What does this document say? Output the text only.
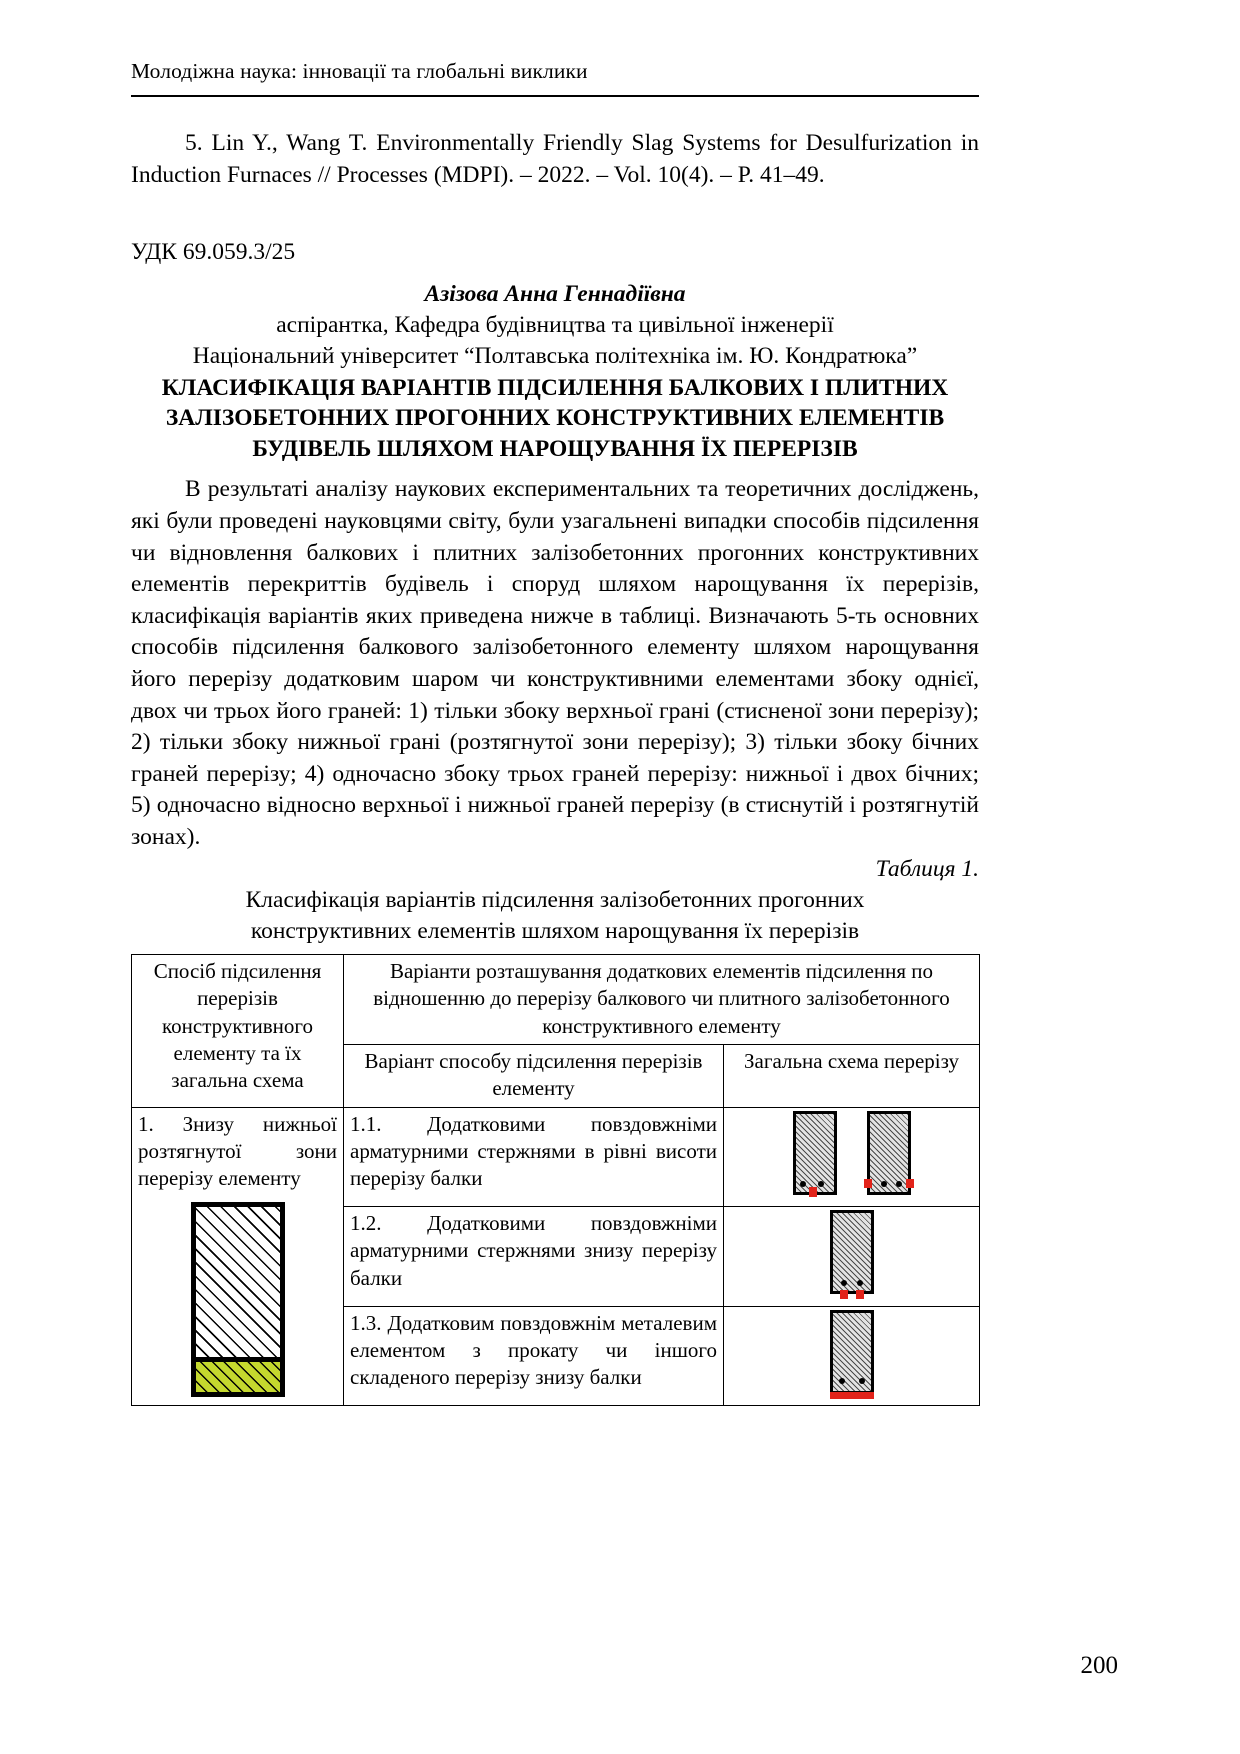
Молодіжна наука: інновації та глобальні виклики

5. Lin Y., Wang T. Environmentally Friendly Slag Systems for Desulfurization in Induction Furnaces // Processes (MDPI). – 2022. – Vol. 10(4). – P. 41–49.

УДК 69.059.3/25

Азізова Анна Геннадіївна

аспірантка, Кафедра будівництва та цивільної інженерії

Національний університет “Полтавська політехніка ім. Ю. Кондратюка”

КЛАСИФІКАЦІЯ ВАРІАНТІВ ПІДСИЛЕННЯ БАЛКОВИХ І ПЛИТНИХ ЗАЛІЗОБЕТОННИХ ПРОГОННИХ КОНСТРУКТИВНИХ ЕЛЕМЕНТІВ БУДІВЕЛЬ ШЛЯХОМ НАРОЩУВАННЯ ЇХ ПЕРЕРІЗІВ

В результаті аналізу наукових експериментальних та теоретичних досліджень, які були проведені науковцями світу, були узагальнені випадки способів підсилення чи відновлення балкових і плитних залізобетонних прогонних конструктивних елементів перекриттів будівель і споруд шляхом нарощування їх перерізів, класифікація варіантів яких приведена нижче в таблиці. Визначають 5-ть основних способів підсилення балкового залізобетонного елементу шляхом нарощування його перерізу додатковим шаром чи конструктивними елементами збоку однієї, двох чи трьох його граней: 1) тільки збоку верхньої грані (стисненої зони перерізу); 2) тільки збоку нижньої грані (розтягнутої зони перерізу); 3) тільки збоку бічних граней перерізу; 4) одночасно збоку трьох граней перерізу: нижньої і двох бічних; 5) одночасно відносно верхньої і нижньої граней перерізу (в стиснутій і розтягнутій зонах).

Таблиця 1.

Класифікація варіантів підсилення залізобетонних прогонних

конструктивних елементів шляхом нарощування їх перерізів

Спосіб підсилення перерізів конструктивного елементу та їх загальна схема	Варіанти розташування додаткових елементів підсилення по відношенню до перерізу балкового чи плитного залізобетонного конструктивного елементу	
	Варіант способу підсилення перерізів елементу	Загальна схема перерізу

1. Знизу нижньої розтягнутої зони перерізу елементу	1.1. Додатковими повздовжніми арматурними стержнями в рівні висоти перерізу балки	

	1.2. Додатковими повздовжніми арматурними стержнями знизу перерізу балки	

	1.3. Додатковим повздовжнім металевим елементом з прокату чи іншого складеного перерізу знизу балки	
200
